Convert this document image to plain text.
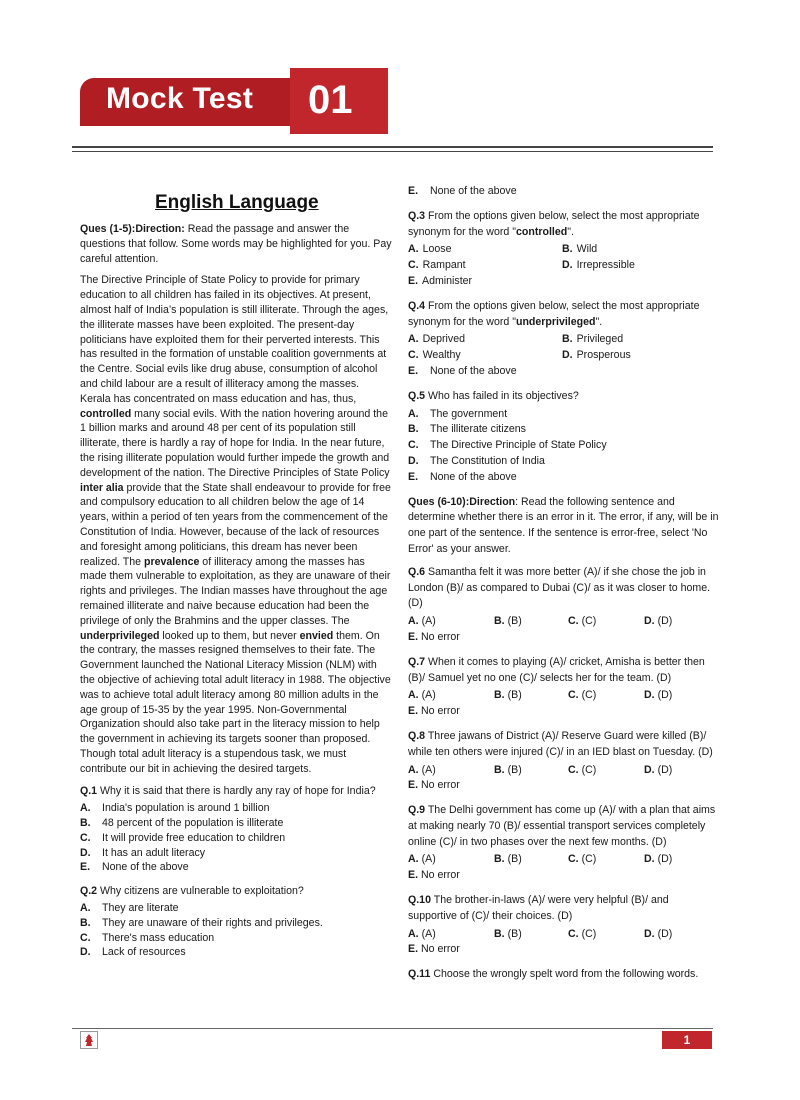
Mock Test 01
English Language

Ques (1-5):Direction: Read the passage and answer the questions that follow. Some words may be highlighted for you. Pay careful attention.

The Directive Principle of State Policy to provide for primary education to all children has failed in its objectives. At present, almost half of India’s population is still illiterate. Through the ages, the illiterate masses have been exploited. The present-day politicians have exploited them for their perverted interests. This has resulted in the formation of unstable coalition governments at the Centre. Social evils like drug abuse, consumption of alcohol and child labour are a result of illiteracy among the masses. Kerala has concentrated on mass education and has, thus, controlled many social evils. With the nation hovering around the 1 billion marks and around 48 per cent of its population still illiterate, there is hardly a ray of hope for India. In the near future, the rising illiterate population would further impede the growth and development of the nation. The Directive Principles of State Policy inter alia provide that the State shall endeavour to provide for free and compulsory education to all children below the age of 14 years, within a period of ten years from the commencement of the Constitution of India. However, because of the lack of resources and foresight among politicians, this dream has never been realized. The prevalence of illiteracy among the masses has made them vulnerable to exploitation, as they are unaware of their rights and privileges. The Indian masses have throughout the age remained illiterate and naive because education had been the privilege of only the Brahmins and the upper classes. The underprivileged looked up to them, but never envied them. On the contrary, the masses resigned themselves to their fate. The Government launched the National Literacy Mission (NLM) with the objective of achieving total adult literacy in 1988. The objective was to achieve total adult literacy among 80 million adults in the age group of 15-35 by the year 1995. Non-Governmental Organization should also take part in the literacy mission to help the government in achieving its targets sooner than proposed. Though total adult literacy is a stupendous task, we must contribute our bit in achieving the desired targets.

Q.1 Why it is said that there is hardly any ray of hope for India?
A.	India's population is around 1 billion
B.	48 percent of the population is illiterate
C.	It will provide free education to children
D.	It has an adult literacy
E.	None of the above
Q.2 Why citizens are vulnerable to exploitation?
A.	They are literate
B.	They are unaware of their rights and privileges.
C.	There's mass education
D.	Lack of resources
E.	None of the above
Q.3 From the options given below, select the most appropriate synonym for the word "controlled".
A. Loose	B. Wild
C. Rampant	D. Irrepressible
E. Administer
Q.4 From the options given below, select the most appropriate synonym for the word "underprivileged".
A. Deprived	B. Privileged
C. Wealthy	D. Prosperous
E.	None of the above
Q.5 Who has failed in its objectives?
A.	The government
B.	The illiterate citizens
C.	The Directive Principle of State Policy
D.	The Constitution of India
E.	None of the above

Ques (6-10):Direction: Read the following sentence and determine whether there is an error in it. The error, if any, will be in one part of the sentence. If the sentence is error-free, select 'No Error' as your answer.

Q.6 Samantha felt it was more better (A)/ if she chose the job in London (B)/ as compared to Dubai (C)/ as it was closer to home. (D)
A. (A)	B. (B)	C. (C)	D. (D)
E. No error
Q.7 When it comes to playing (A)/ cricket, Amisha is better then (B)/ Samuel yet no one (C)/ selects her for the team. (D)
A. (A)	B. (B)	C. (C)	D. (D)
E. No error
Q.8 Three jawans of District (A)/ Reserve Guard were killed (B)/ while ten others were injured (C)/ in an IED blast on Tuesday. (D)
A. (A)	B. (B)	C. (C)	D. (D)
E. No error
Q.9 The Delhi government has come up (A)/ with a plan that aims at making nearly 70 (B)/ essential transport services completely online (C)/ in two phases over the next few months. (D)
A. (A)	B. (B)	C. (C)	D. (D)
E. No error
Q.10 The brother-in-laws (A)/ were very helpful (B)/ and supportive of (C)/ their choices. (D)
A. (A)	B. (B)	C. (C)	D. (D)
E. No error
Q.11 Choose the wrongly spelt word from the following words.
1
